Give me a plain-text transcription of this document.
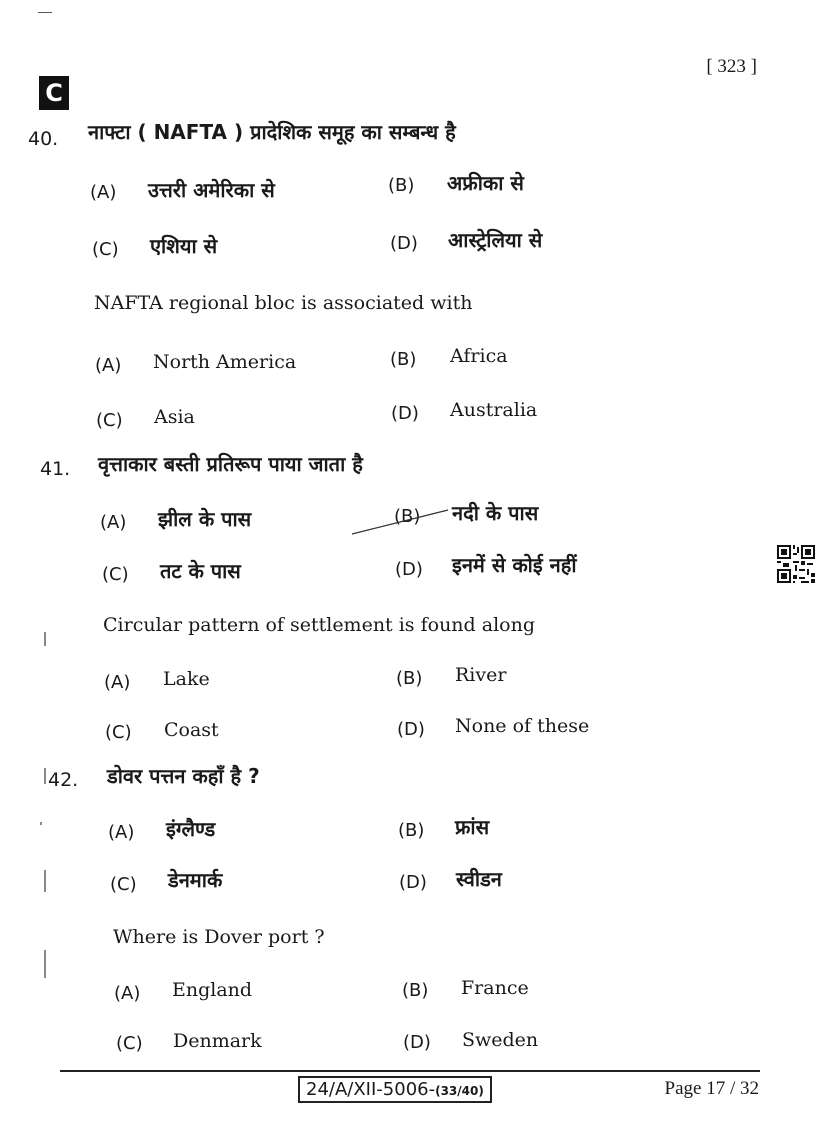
[ 323 ]
C
40. नाफ्टा ( NAFTA ) प्रादेशिक समूह का सम्बन्ध है
(A) उत्तरी अमेरिका से	(B) अफ्रीका से
(C) एशिया से	(D) आस्ट्रेलिया से
NAFTA regional bloc is associated with
(A) North America	(B) Africa
(C) Asia	(D) Australia
41. वृत्ताकार बस्ती प्रतिरूप पाया जाता है
(A) झील के पास	(B) नदी के पास
(C) तट के पास	(D) इनमें से कोई नहीं
Circular pattern of settlement is found along
(A) Lake	(B) River
(C) Coast	(D) None of these
42. डोवर पत्तन कहाँ है ?
(A) इंग्लैण्ड	(B) फ्रांस
(C) डेनमार्क	(D) स्वीडन
Where is Dover port ?
(A) England	(B) France
(C) Denmark	(D) Sweden
24/A/XII-5006-(33/40)	Page 17 / 32
